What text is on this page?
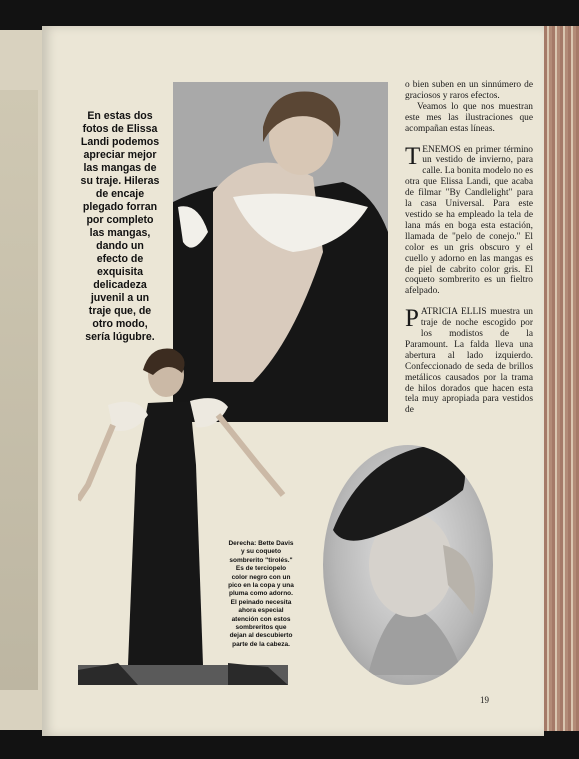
En estas dos fotos de Elissa Landi podemos apreciar mejor las mangas de su traje. Hileras de encaje plegado forran por completo las mangas, dando un efecto de exquisita delicadeza juvenil a un traje que, de otro modo, sería lúgubre.

o bien suben en un sinnúmero de graciosos y raros efectos.

Veamos lo que nos muestran este mes las ilustraciones que acompañan estas líneas.

TENEMOS en primer término un vestido de invierno, para calle. La bonita modelo no es otra que Elissa Landi, que acaba de filmar "By Candlelight" para la casa Universal. Para este vestido se ha empleado la tela de lana más en boga esta estación, llamada de "pelo de conejo." El color es un gris obscuro y el cuello y adorno en las mangas es de piel de cabrito color gris. El coqueto sombrerito es un fieltro afelpado.

PATRICIA ELLIS muestra un traje de noche escogido por los modistos de la Paramount. La falda lleva una abertura al lado izquierdo. Confeccionado de seda de brillos metálicos causados por la trama de hilos dorados que hacen esta tela muy apropiada para vestidos de

Derecha: Bette Davis y su coqueto sombrerito "tirolés." Es de terciopelo color negro con un pico en la copa y una pluma como adorno. El peinado necesita ahora especial atención con estos sombreritos que dejan al descubierto parte de la cabeza.
19
